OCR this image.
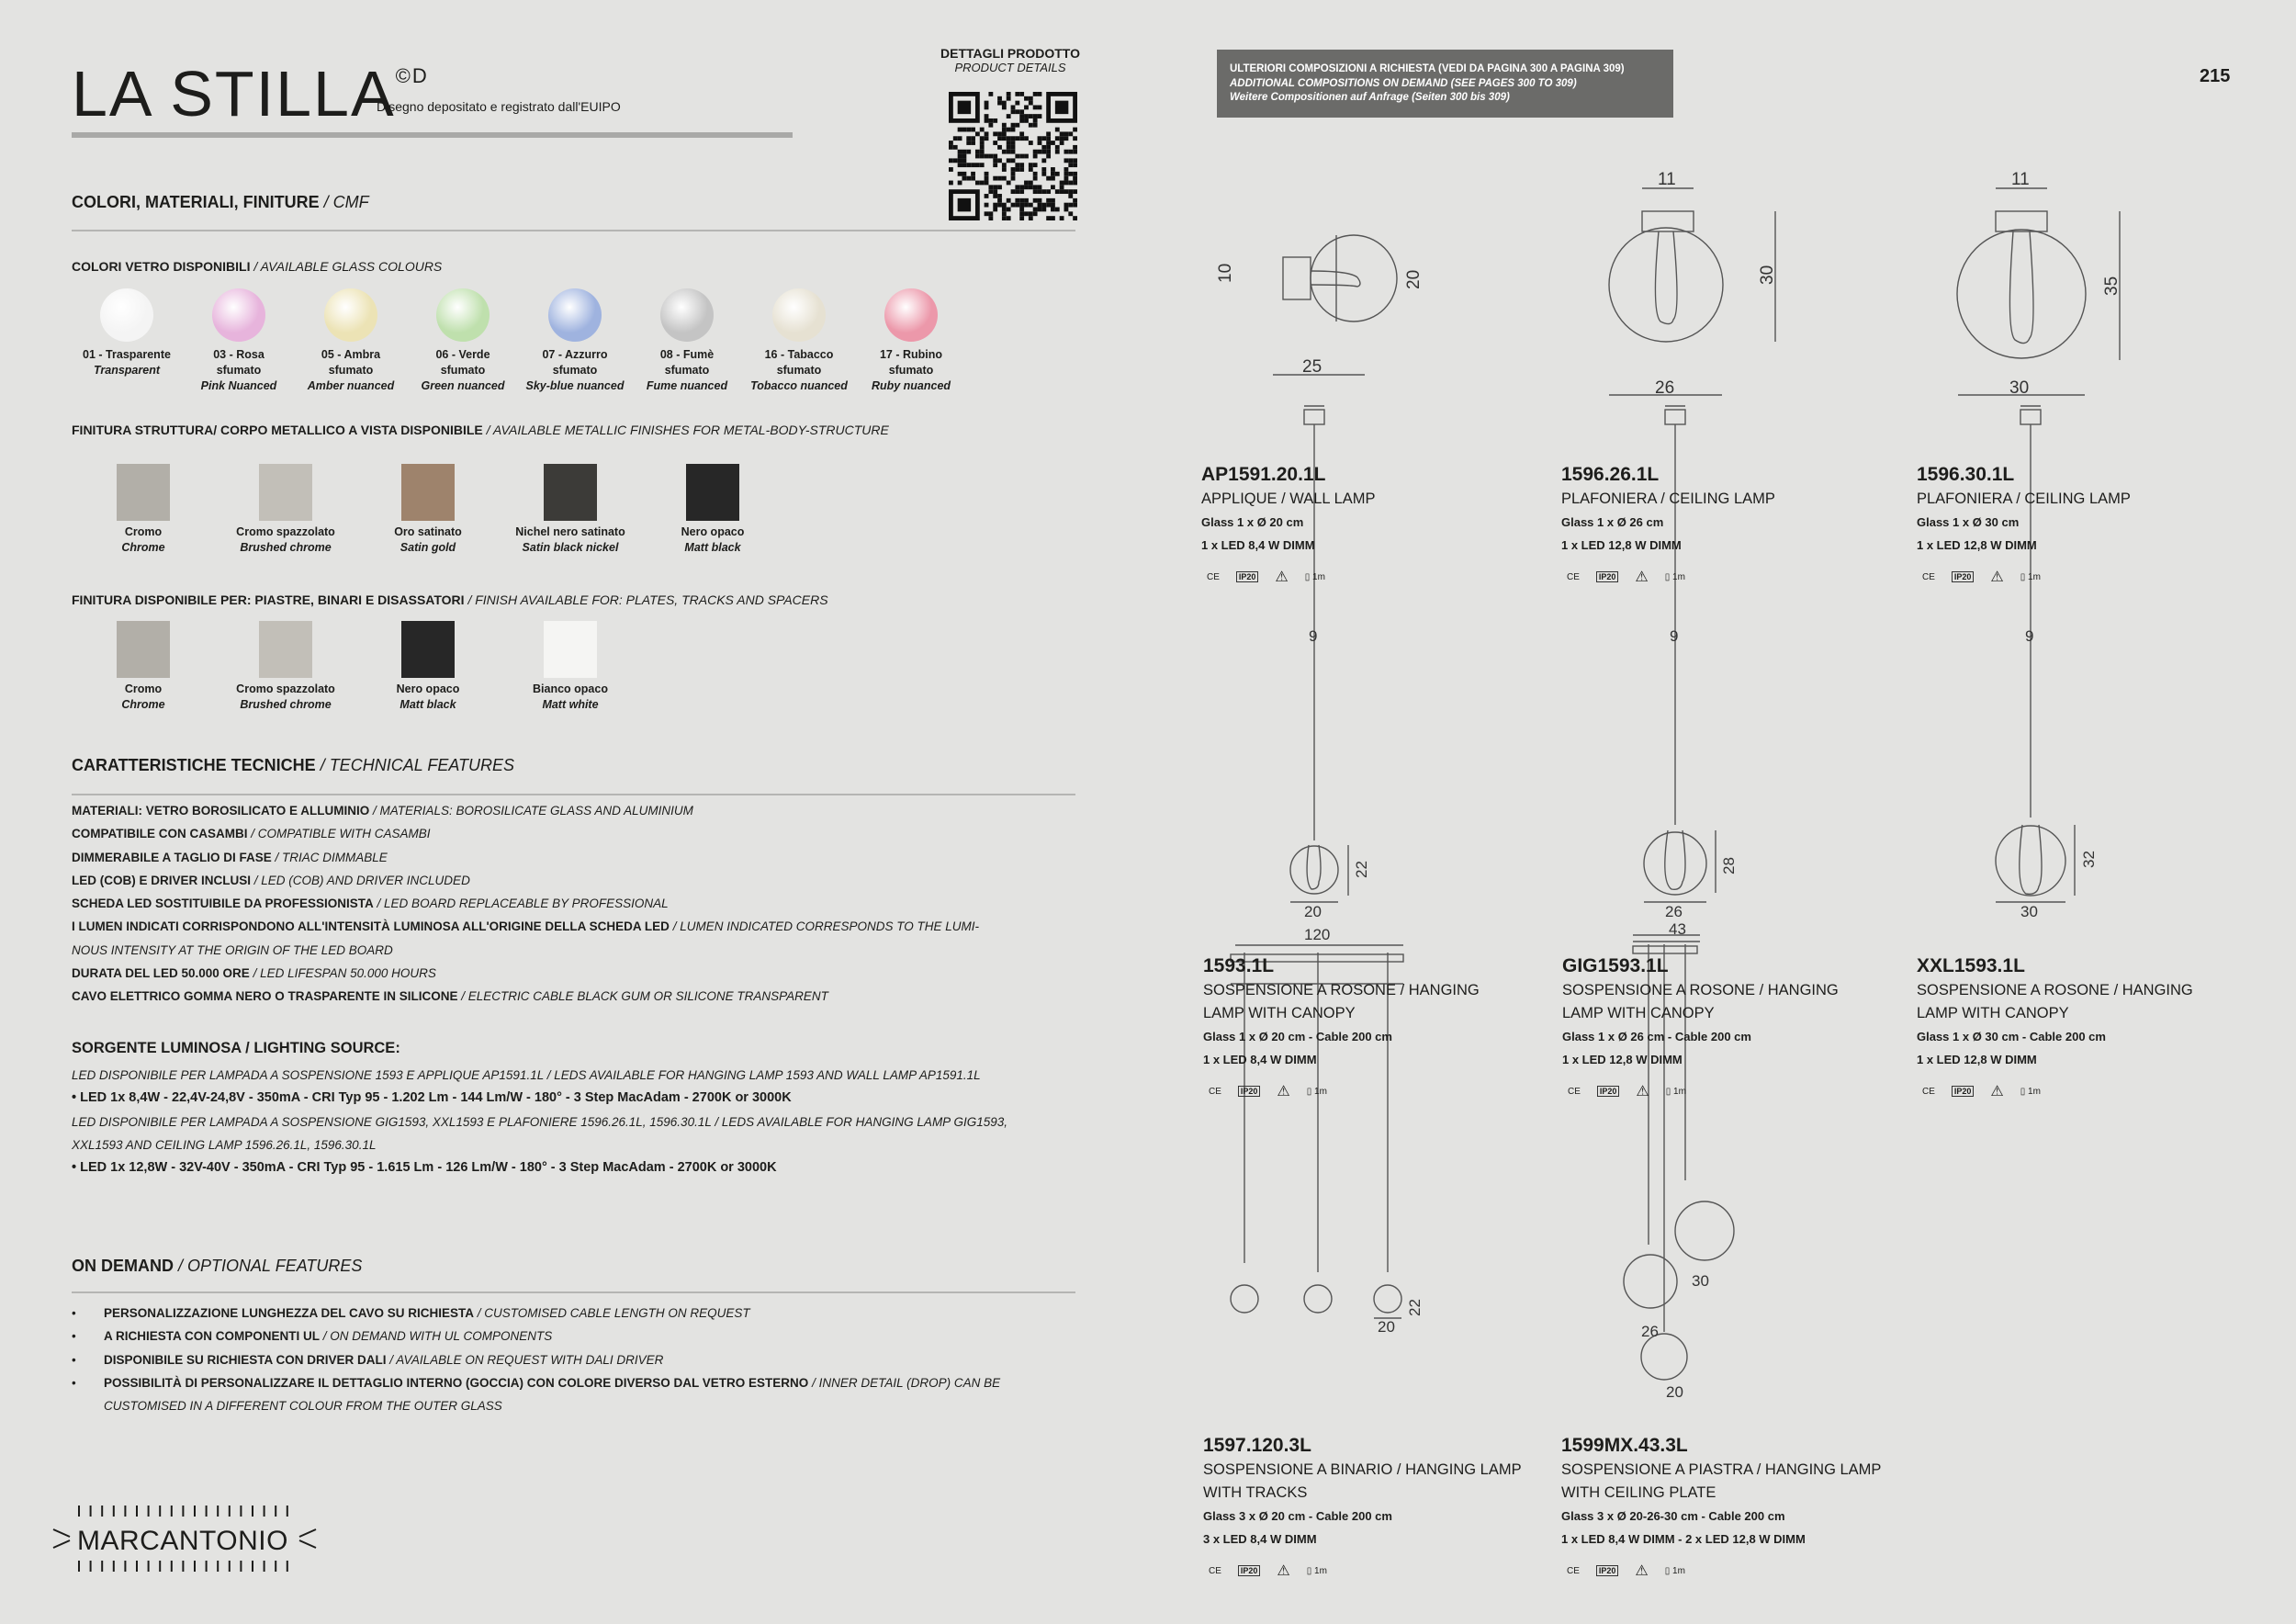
LA $STILLA^{©D}$
Disegno depositato e registrato dall'EUIPO
DETTAGLI PRODOTTO
PRODUCT DETAILS
COLORI, MATERIALI, FINITURE / CMF
COLORI VETRO DISPONIBILI / AVAILABLE GLASS COLOURS
01 - Trasparente
Transparent
03 - Rosa
sfumato
Pink Nuanced
05 - Ambra
sfumato
Amber nuanced
06 - Verde
sfumato
Green nuanced
07 - Azzurro
sfumato
Sky-blue nuanced
08 - Fumè
sfumato
Fume nuanced
16 - Tabacco
sfumato
Tobacco nuanced
17 - Rubino
sfumato
Ruby nuanced
FINITURA STRUTTURA/ CORPO METALLICO A VISTA DISPONIBILE / AVAILABLE METALLIC FINISHES FOR METAL-BODY-STRUCTURE
Cromo
Chrome
Cromo spazzolato
Brushed chrome
Oro satinato
Satin gold
Nichel nero satinato
Satin black nickel
Nero opaco
Matt black
FINITURA DISPONIBILE PER: PIASTRE, BINARI E DISASSATORI / FINISH AVAILABLE FOR: PLATES, TRACKS AND SPACERS
Cromo
Chrome
Cromo spazzolato
Brushed chrome
Nero opaco
Matt black
Bianco opaco
Matt white
CARATTERISTICHE TECNICHE / TECHNICAL FEATURES
MATERIALI: VETRO BOROSILICATO E ALLUMINIO / MATERIALS: BOROSILICATE GLASS AND ALUMINIUM
COMPATIBILE CON CASAMBI / COMPATIBLE WITH CASAMBI
DIMMERABILE A TAGLIO DI FASE / TRIAC DIMMABLE
LED (COB) E DRIVER INCLUSI / LED (COB) AND DRIVER INCLUDED
SCHEDA LED SOSTITUIBILE DA PROFESSIONISTA / LED BOARD REPLACEABLE BY PROFESSIONAL
I LUMEN INDICATI CORRISPONDONO ALL'INTENSITÀ LUMINOSA ALL'ORIGINE DELLA SCHEDA LED / LUMEN INDICATED CORRESPONDS TO THE LUMI-
NOUS INTENSITY AT THE ORIGIN OF THE LED BOARD
DURATA DEL LED 50.000 ORE / LED LIFESPAN 50.000 HOURS
CAVO ELETTRICO GOMMA NERO O TRASPARENTE IN SILICONE / ELECTRIC CABLE BLACK GUM OR SILICONE TRANSPARENT
SORGENTE LUMINOSA / LIGHTING SOURCE:
LED DISPONIBILE PER LAMPADA A SOSPENSIONE 1593 E APPLIQUE AP1591.1L / LEDS AVAILABLE FOR HANGING LAMP 1593 AND WALL LAMP AP1591.1L
• LED 1x 8,4W - 22,4V-24,8V - 350mA - CRI Typ 95 - 1.202 Lm - 144 Lm/W - 180° - 3 Step MacAdam - 2700K or 3000K
LED DISPONIBILE PER LAMPADA A SOSPENSIONE GIG1593, XXL1593 E PLAFONIERE 1596.26.1L, 1596.30.1L / LEDS AVAILABLE FOR HANGING LAMP GIG1593,
XXL1593 AND CEILING LAMP 1596.26.1L, 1596.30.1L
• LED 1x 12,8W - 32V-40V - 350mA - CRI Typ 95 - 1.615 Lm - 126 Lm/W - 180° - 3 Step MacAdam - 2700K or 3000K
ON DEMAND / OPTIONAL FEATURES
• PERSONALIZZAZIONE LUNGHEZZA DEL CAVO SU RICHIESTA / CUSTOMISED CABLE LENGTH ON REQUEST
• A RICHIESTA CON COMPONENTI UL / ON DEMAND WITH UL COMPONENTS
• DISPONIBILE SU RICHIESTA CON DRIVER DALI / AVAILABLE ON REQUEST WITH DALI DRIVER
• POSSIBILITÀ DI PERSONALIZZARE IL DETTAGLIO INTERNO (GOCCIA) CON COLORE DIVERSO DAL VETRO ESTERNO / INNER DETAIL (DROP) CAN BE
CUSTOMISED IN A DIFFERENT COLOUR FROM THE OUTER GLASS
MARCANTONIO
ULTERIORI COMPOSIZIONI A RICHIESTA (VEDI DA PAGINA 300 A PAGINA 309)
ADDITIONAL COMPOSITIONS ON DEMAND (SEE PAGES 300 TO 309)
Weitere Compositionen auf Anfrage (Seiten 300 bis 309)
215
10	20
25
11
30
26
11
35
30
9
22
20
9
28
26
9
32
30
120
22
20
43
30
26
20
AP1591.20.1L
APPLIQUE / WALL LAMP
Glass 1 x Ø 20 cm
1 x LED 8,4 W DIMM
CE	IP20 ⚠ ▯ 1m
1596.26.1L
PLAFONIERA / CEILING LAMP
Glass 1 x Ø 26 cm
1 x LED 12,8 W DIMM
CE	IP20 ⚠ ▯ 1m
1596.30.1L
PLAFONIERA / CEILING LAMP
Glass 1 x Ø 30 cm
1 x LED 12,8 W DIMM
CE	IP20 ⚠ ▯ 1m
1593.1L
SOSPENSIONE A ROSONE / HANGING
LAMP WITH CANOPY
Glass 1 x Ø 20 cm - Cable 200 cm
1 x LED 8,4 W DIMM
CE	IP20 ⚠ ▯ 1m
GIG1593.1L
SOSPENSIONE A ROSONE / HANGING
LAMP WITH CANOPY
Glass 1 x Ø 26 cm - Cable 200 cm
1 x LED 12,8 W DIMM
CE	IP20 ⚠ ▯ 1m
XXL1593.1L
SOSPENSIONE A ROSONE / HANGING
LAMP WITH CANOPY
Glass 1 x Ø 30 cm - Cable 200 cm
1 x LED 12,8 W DIMM
CE	IP20 ⚠ ▯ 1m
1597.120.3L
SOSPENSIONE A BINARIO / HANGING LAMP
WITH TRACKS
Glass 3 x Ø 20 cm - Cable 200 cm
3 x LED 8,4 W DIMM
CE	IP20 ⚠ ▯ 1m
1599MX.43.3L
SOSPENSIONE A PIASTRA / HANGING LAMP
WITH CEILING PLATE
Glass 3 x Ø 20-26-30 cm - Cable 200 cm
1 x LED 8,4 W DIMM - 2 x LED 12,8 W DIMM
CE	IP20 ⚠ ▯ 1m
